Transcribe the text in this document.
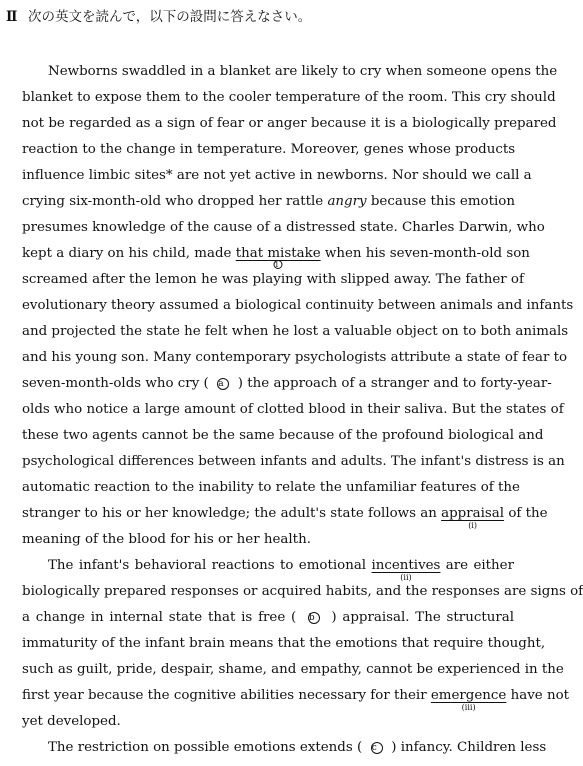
Ⅱ 次の英文を読んで，以下の設問に答えなさい。
Newborns swaddled in a blanket are likely to cry when someone opens the
blanket to expose them to the cooler temperature of the room. This cry should
not be regarded as a sign of fear or anger because it is a biologically prepared
reaction to the change in temperature. Moreover, genes whose products
influence limbic sites* are not yet active in newborns. Nor should we call a
crying six-month-old who dropped her rattle angry because this emotion
presumes knowledge of the cause of a distressed state. Charles Darwin, who
kept a diary on his child, made that mistake
1
when his seven-month-old son
screamed after the lemon he was playing with slipped away. The father of
evolutionary theory assumed a biological continuity between animals and infants
and projected the state he felt when he lost a valuable object on to both animals
and his young son. Many contemporary psychologists attribute a state of fear to
seven-month-olds who cry ( a ) the approach of a stranger and to forty-year-
olds who notice a large amount of clotted blood in their saliva. But the states of
these two agents cannot be the same because of the profound biological and
psychological differences between infants and adults. The infant's distress is an
automatic reaction to the inability to relate the unfamiliar features of the
stranger to his or her knowledge; the adult's state follows an appraisal
(i)
of the
meaning of the blood for his or her health.
The infant's behavioral reactions to emotional incentives
(ii)
are either
biologically prepared responses or acquired habits, and the responses are signs of
a change in internal state that is free ( b ) appraisal. The structural
immaturity of the infant brain means that the emotions that require thought,
such as guilt, pride, despair, shame, and empathy, cannot be experienced in the
first year because the cognitive abilities necessary for their emergence
(iii)
have not
yet developed.
The restriction on possible emotions extends ( c ) infancy. Children less
